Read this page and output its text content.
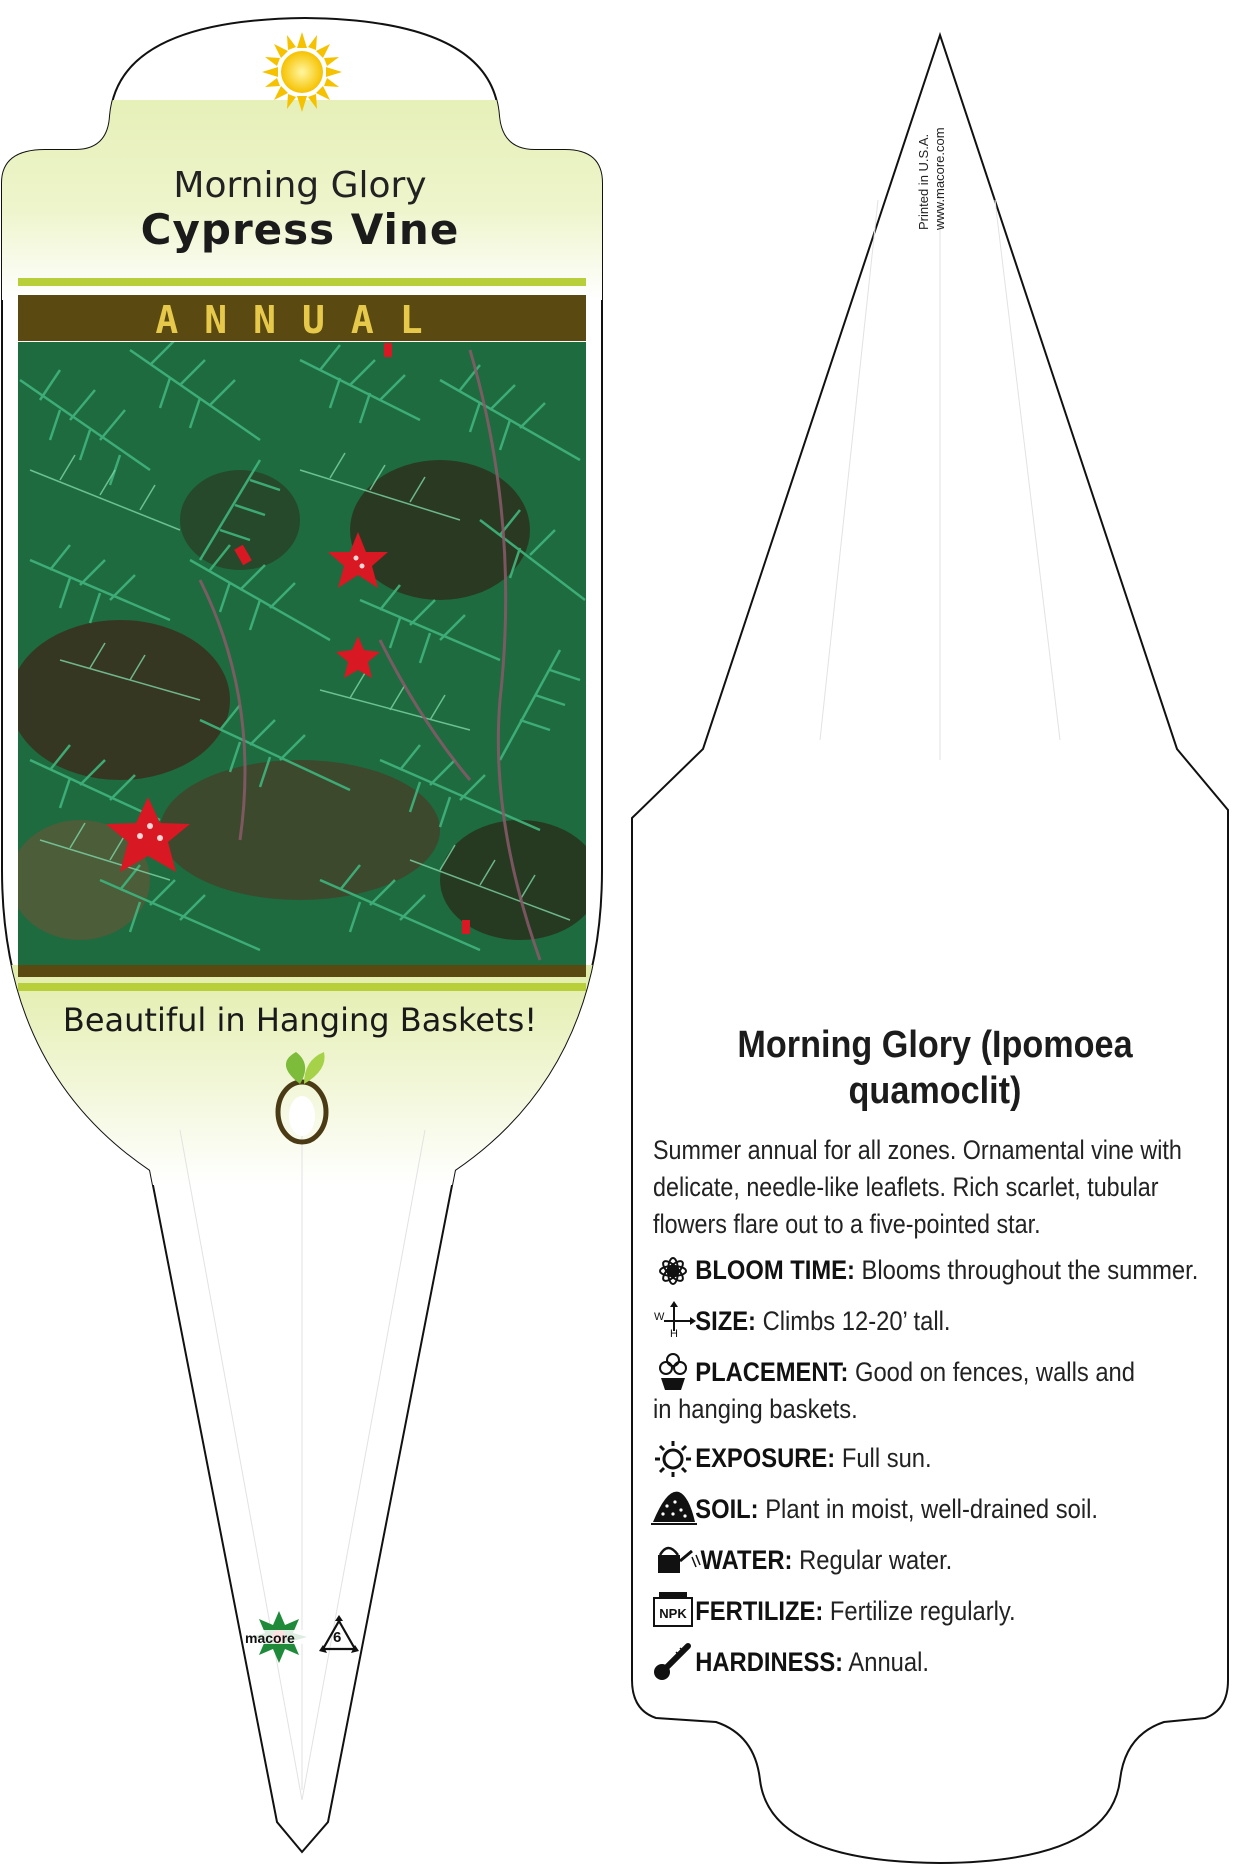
NPK
Morning Glory
Cypress Vine
ANNUAL
Beautiful in Hanging Baskets!
macore	6
Printed in U.S.A. www.macore.com
Morning Glory (Ipomoea quamoclit)
Summer annual for all zones. Ornamental vine with delicate, needle-like leaflets. Rich scarlet, tubular flowers flare out to a five-pointed star.
BLOOM TIME: Blooms throughout the summer.
SIZE: Climbs 12-20’ tall.
PLACEMENT: Good on fences, walls and in hanging baskets.
EXPOSURE: Full sun.
SOIL: Plant in moist, well-drained soil.
WATER: Regular water.
FERTILIZE: Fertilize regularly.
HARDINESS: Annual.
W
H
